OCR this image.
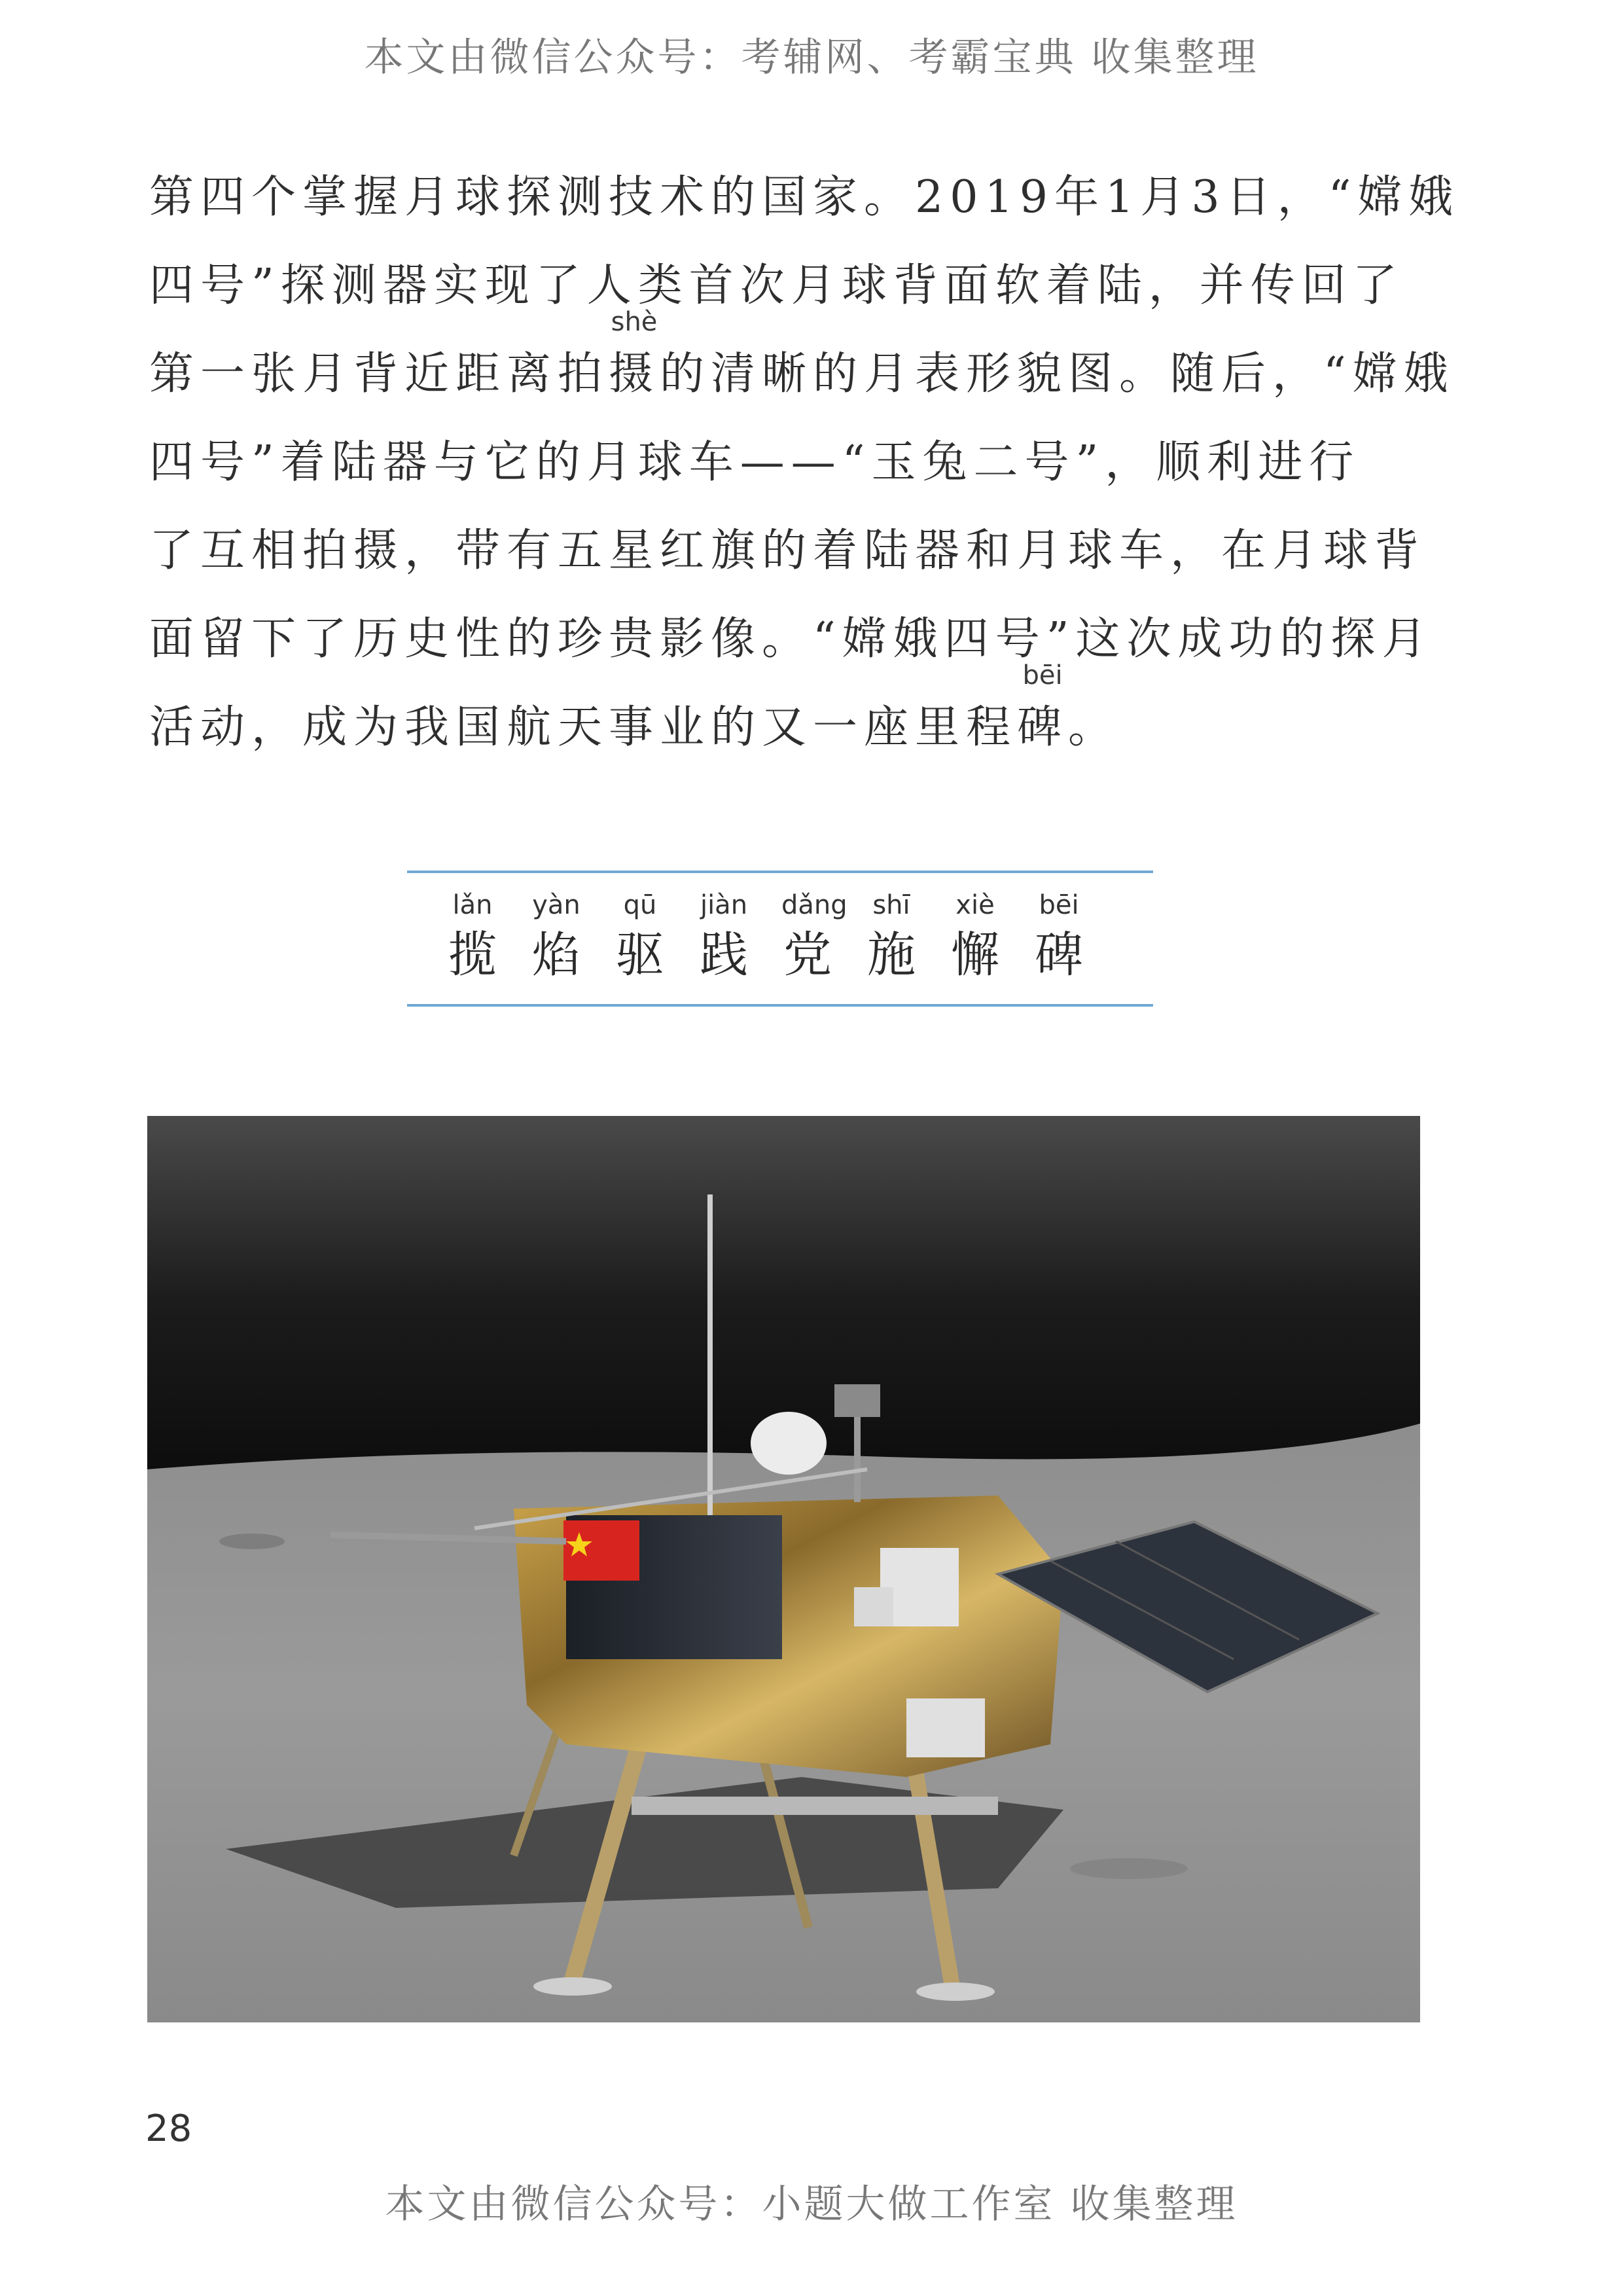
本文由微信公众号：考辅网、考霸宝典 收集整理
第四个掌握月球探测技术的国家。2019年1月3日，“嫦娥
四号”探测器实现了人类首次月球背面软着陆，并传回了
第一张月背近距离拍
shè
摄的清晰的月表形貌图。随后，“嫦娥
四号”着陆器与它的月球车——“玉兔二号”，顺利进行
了互相拍摄，带有五星红旗的着陆器和月球车，在月球背
面留下了历史性的珍贵影像。“嫦娥四号”这次成功的探月
活动，成为我国航天事业的又一座里程
bēi
碑。
lǎn
揽
yàn
焰
qū
驱
jiàn
践
dǎng
党
shī
施
xiè
懈
bēi
碑
28
本文由微信公众号：小题大做工作室 收集整理
